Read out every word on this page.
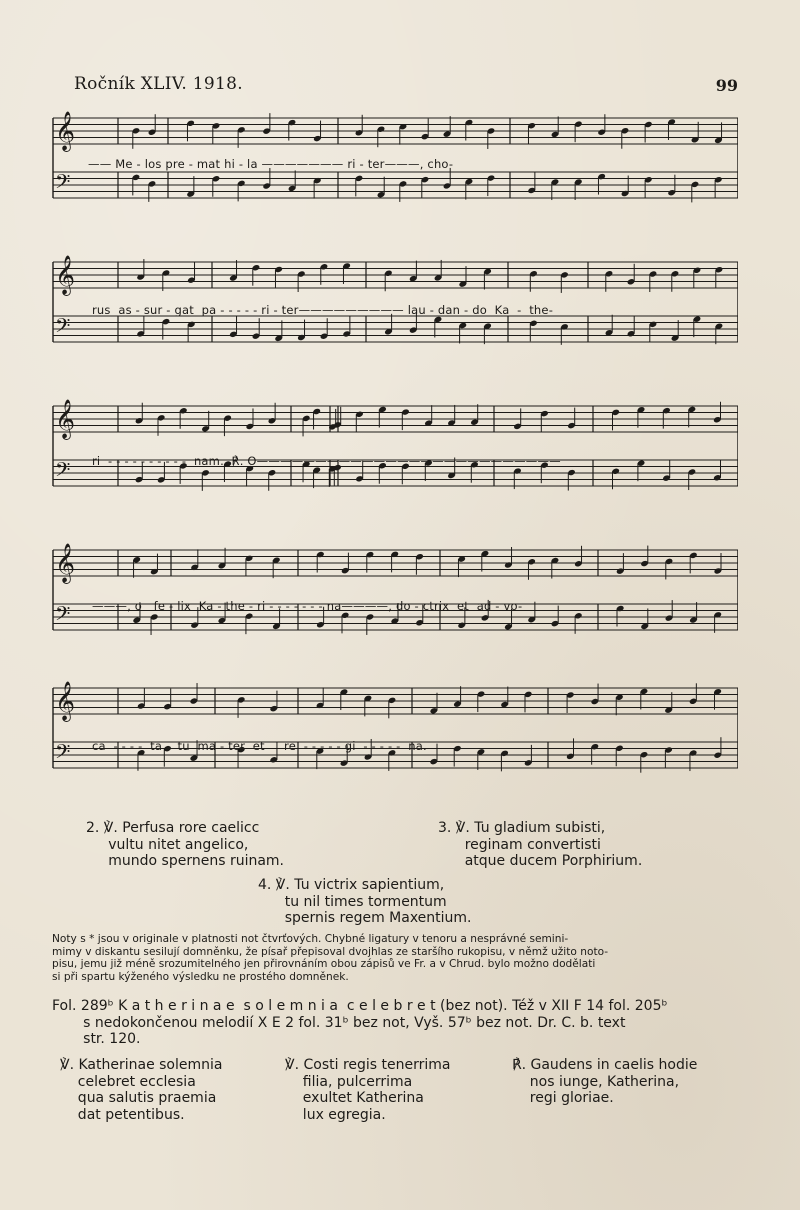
Ročník XLIV. 1918.	99
𝄞
𝄢
𝄞
𝄢
𝄞
𝄢
𝄞
𝄢
𝄞
𝄢
—— Me - los pre - mat hi - la ——————— ri - ter———, cho-
rus  as - sur - gat  pa - - - - - ri - ter————————— lau - dan - do  Ka  -  the-
ri  - - - - - - - - - -  nam.  ℟. O——————————————————————————
———, o   fe - lix  Ka - the - ri - - - - - - - na————, do - ctrix  et  ad - vo-
ca  - - - -  ta    tu  ma - ter  et     re  - - - - - gi  - - - - -  na.
2. ℣. Perfusa rore caelicc
vultu nitet angelico,
mundo spernens ruinam.
3. ℣. Tu gladium subisti,
reginam convertisti
atque ducem Porphirium.
4. ℣. Tu victrix sapientium,
tu nil times tormentum
spernis regem Maxentium.
Noty s * jsou v originale v platnosti not čtvrťových. Chybné ligatury v tenoru a nesprávné semini-
mimy v diskantu sesilují domněnku, že písař přepisoval dvojhlas ze staršího rukopisu, v němž užito noto-
pisu, jemu již méně srozumitelného jen přirovnáním obou zápisů ve Fr. a v Chrud. bylo možno dodělati
si při spartu kýženého výsledku ne prostého domněnek.
Fol. 289ᵇ K a t h e r i n a e  s o l e m n i a  c e l e b r e t (bez not). Též v XII F 14 fol. 205ᵇ
s nedokončenou melodií X E 2 fol. 31ᵇ bez not, Vyš. 57ᵇ bez not. Dr. C. b. text
str. 120.
℣. Katherinae solemnia
celebret ecclesia
qua salutis praemia
dat petentibus.
℣. Costi regis tenerrima
filia, pulcerrima
exultet Katherina
lux egregia.
℟. Gaudens in caelis hodie
nos iunge, Katherina,
regi gloriae.
